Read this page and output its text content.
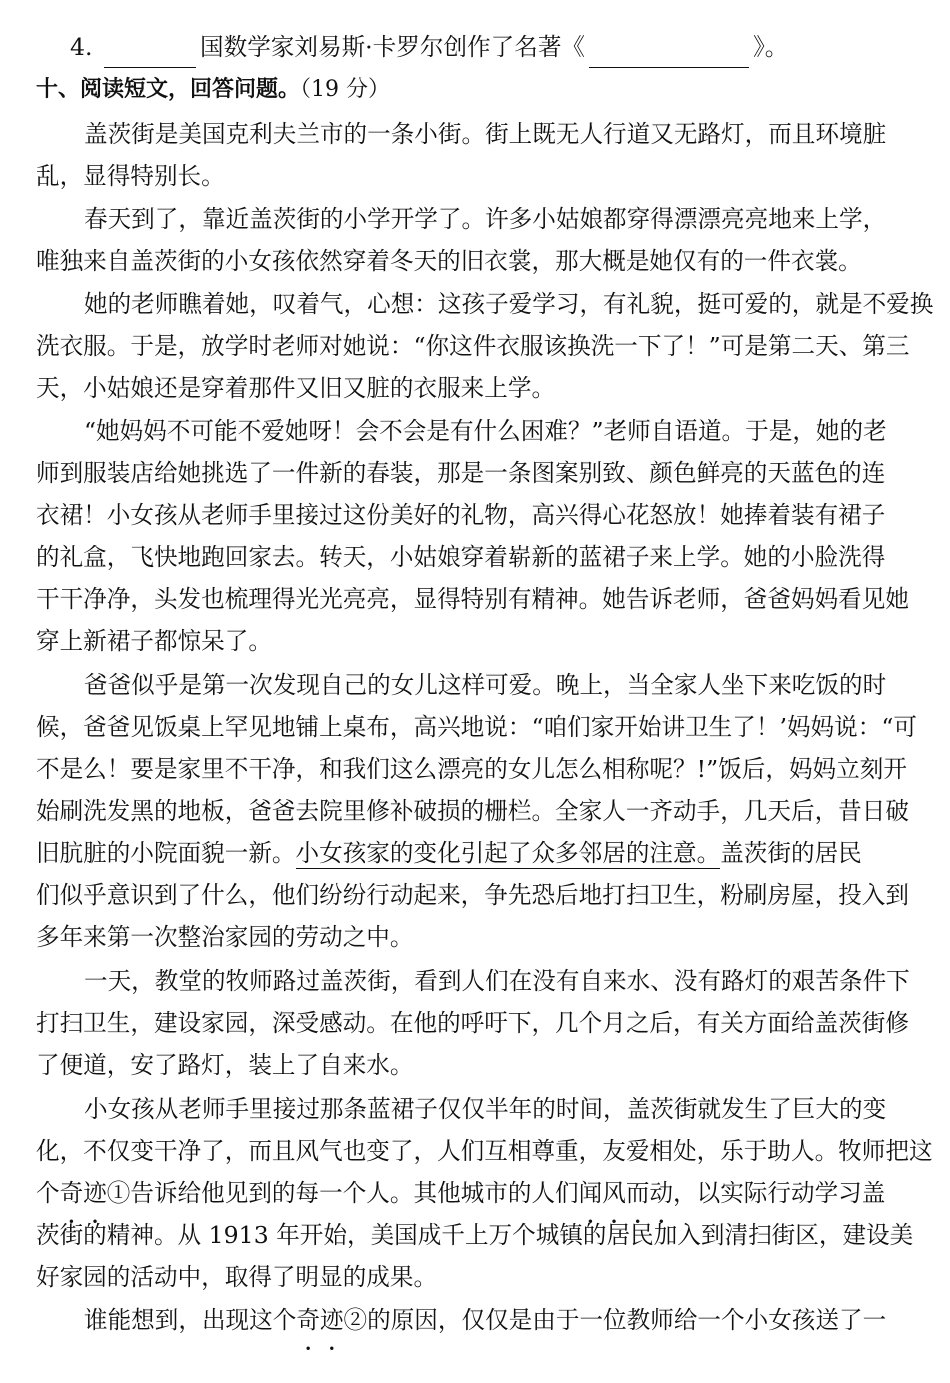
4.	国数学家刘易斯·卡罗尔创作了名著《	》。
十、阅读短文，回答问题。（19 分）
盖茨街是美国克利夫兰市的一条小街。街上既无人行道又无路灯，而且环境脏
乱，显得特别长。
春天到了，靠近盖茨街的小学开学了。许多小姑娘都穿得漂漂亮亮地来上学，
唯独来自盖茨街的小女孩依然穿着冬天的旧衣裳，那大概是她仅有的一件衣裳。
她的老师瞧着她，叹着气，心想：这孩子爱学习，有礼貌，挺可爱的，就是不爱换
洗衣服。于是，放学时老师对她说：“你这件衣服该换洗一下了！”可是第二天、第三
天，小姑娘还是穿着那件又旧又脏的衣服来上学。
“她妈妈不可能不爱她呀！会不会是有什么困难？”老师自语道。于是，她的老
师到服装店给她挑选了一件新的春装，那是一条图案别致、颜色鲜亮的天蓝色的连
衣裙！小女孩从老师手里接过这份美好的礼物，高兴得心花怒放！她捧着装有裙子
的礼盒，飞快地跑回家去。转天，小姑娘穿着崭新的蓝裙子来上学。她的小脸洗得
干干净净，头发也梳理得光光亮亮，显得特别有精神。她告诉老师，爸爸妈妈看见她
穿上新裙子都惊呆了。
爸爸似乎是第一次发现自己的女儿这样可爱。晚上，当全家人坐下来吃饭的时
候，爸爸见饭桌上罕见地铺上桌布，高兴地说：“咱们家开始讲卫生了！’妈妈说：“可
不是么！要是家里不干净，和我们这么漂亮的女儿怎么相称呢？!”饭后，妈妈立刻开
始刷洗发黑的地板，爸爸去院里修补破损的栅栏。全家人一齐动手，几天后，昔日破
旧肮脏的小院面貌一新。小女孩家的变化引起了众多邻居的注意。盖茨街的居民
们似乎意识到了什么，他们纷纷行动起来，争先恐后地打扫卫生，粉刷房屋，投入到
多年来第一次整治家园的劳动之中。
一天，教堂的牧师路过盖茨街，看到人们在没有自来水、没有路灯的艰苦条件下
打扫卫生，建设家园，深受感动。在他的呼吁下，几个月之后，有关方面给盖茨街修
了便道，安了路灯，装上了自来水。
小女孩从老师手里接过那条蓝裙子仅仅半年的时间，盖茨街就发生了巨大的变
化，不仅变干净了，而且风气也变了，人们互相尊重，友爱相处，乐于助人。牧师把这
个奇迹①告诉给他见到的每一个人。其他城市的人们闻风而动，以实际行动学习盖
茨街的精神。从 1913 年开始，美国成千上万个城镇的居民加入到清扫街区，建设美
好家园的活动中，取得了明显的成果。
谁能想到，出现这个奇迹②的原因，仅仅是由于一位教师给一个小女孩送了一
